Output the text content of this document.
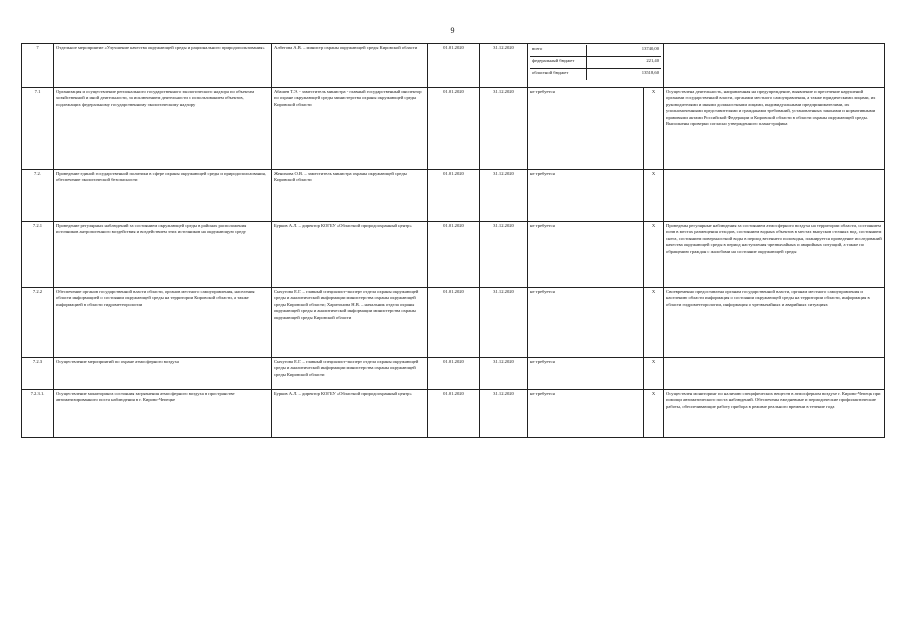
9
7	Отдельное мероприятие «Улучшение качества окружающей среды и рационального природопользования»	Албегова А.В. – министр охраны окружающей среды Кировской области	01.01.2020	31.12.2020		всего	13740,00
федеральный бюджет	221,40
областной бюджет	13518,60

7.1	Организация и осуществление регионального государственного экологического надзора по объектам хозяйственной и иной деятельности, за исключением деятельности с использованием объектов, подлежащих федеральному государственному экологическому надзору	Абашев Т.Э. - заместитель министра - главный государственный инспектор по охране окружающей среды министерства охраны окружающей среды Кировской области	01.01.2020	31.12.2020	не требуется	X	Осуществлена деятельность, направленная на предупреждение, выявление и пресечение нарушений органами государственной власти, органами местного самоуправления, а также юридическими лицами, их руководителями и иными должностными лицами, индивидуальными предпринимателями, их уполномоченными представителями и гражданами требований, установленных законами и нормативными правовыми актами Российской Федерации и Кировской области в области охраны окружающей среды. Выполнены проверки согласно утвержденного плана-графика
7.2.	Проведение единой государственной политики в сфере охраны окружающей среды и природопользования, обеспечение экологической безопасности	Женихова О.В. – заместитель министра охраны окружающей среды Кировской области	01.01.2020	31.12.2020	не требуется	X	
7.2.1	Проведение регулярных наблюдений за состоянием окружающей среды в районах расположения источников антропогенного воздействия и воздействием этих источников на окружающую среду	Бурков А.Л. – директор КОГБУ «Областной природоохранный центр»	01.01.2020	31.12.2020	не требуется	X	Проведены регулярные наблюдения за состоянием атмосферного воздуха на территории области, состоянием почв в местах размещения отходов, состоянием водных объектов в местах выпусков сточных вод, состоянием снега, состоянием поверхностной воды в период весеннего половодья, планируется проведение исследований качества окружающей среды в период наступления чрезвычайных и аварийных ситуаций, а также по обращению граждан с жалобами на состояние окружающей среды
7.2.2	Обеспечение органов государственной власти области, органов местного самоуправления, населения области информацией о состоянии окружающей среды на территории Кировской области, а также информацией в области гидрометеорологии	Сычугова Е.Г. – главный специалист-эксперт отдела охраны окружающей среды и аналитической информации министерства охраны окружающей среды Кировской области; Харитонова Н.В. – начальник отдела охраны окружающей среды и аналитической информации министерства охраны окружающей среды Кировской области	01.01.2020	31.12.2020	не требуется	X	Своевременно предоставлена органам государственной власти, органам местного самоуправления и населению области информация о состоянии окружающей среды на территории области, информация в области гидрометеорологии, информация о чрезвычайных и аварийных ситуациях
7.2.3	Осуществление мероприятий по охране атмосферного воздуха	Сычугова Е.Г. – главный специалист-эксперт отдела охраны окружающей среды и аналитической информации министерства охраны окружающей среды Кировской области	01.01.2020	31.12.2020	не требуется	X	
7.2.3.1.	Осуществление мониторинга состояния загрязнения атмосферного воздуха в пространстве автоматизированного поста наблюдения в г. Кирово-Чепецке	Бурков А.Л. – директор КОГБУ «Областной природоохранный центр»	01.01.2020	31.12.2020	не требуется	X	Осуществлен мониторинг по наличию специфических веществ в атмосферном воздухе г. Кирово-Чепецк при помощи автоматического поста наблюдений. Обеспечены ежедневные и периодические профилактические работы, обеспечивающие работу прибора в режиме реального времени в течение года
